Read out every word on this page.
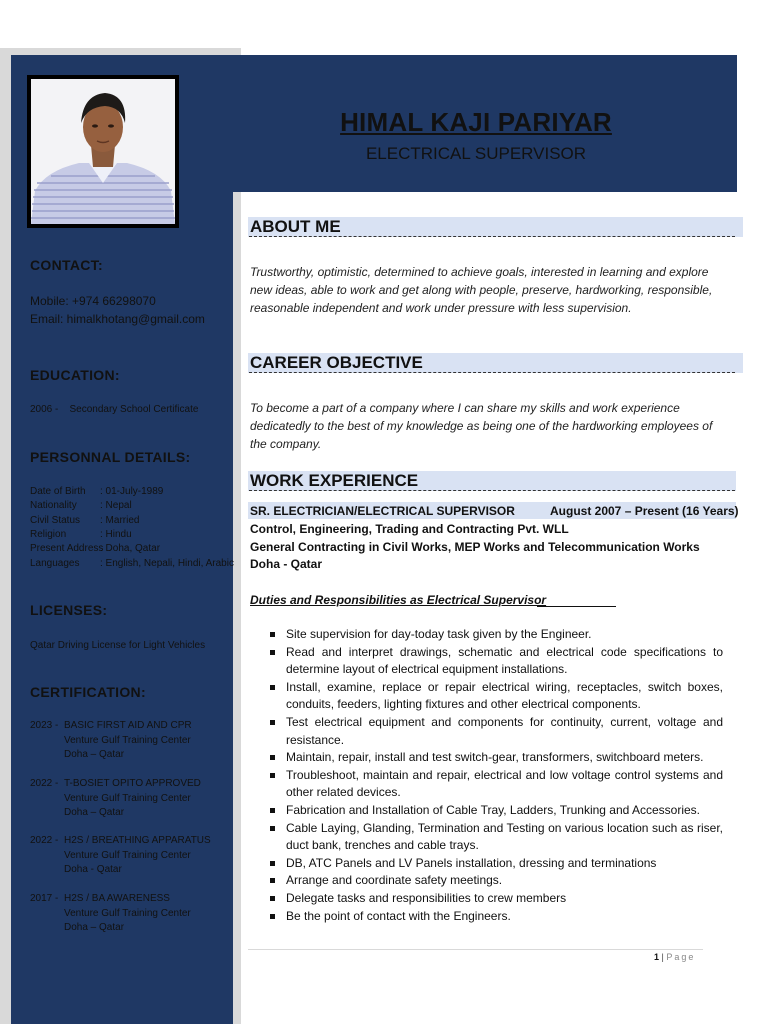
HIMAL KAJI PARIYAR
ELECTRICAL SUPERVISOR
CONTACT:
Mobile: +974 66298070
Email: himalkhotang@gmail.com
EDUCATION:
2006 -    Secondary School Certificate
PERSONNAL DETAILS:
Date of Birth : 01-July-1989
Nationality : Nepal
Civil Status : Married
Religion	: Hindu
Present Address
: Doha, Qatar
Languages : English, Nepali, Hindi, Arabic
LICENSES:
Qatar Driving License for Light Vehicles
CERTIFICATION:
2023 - BASIC FIRST AID AND CPR
Venture Gulf Training Center
Doha – Qatar
2022 - T-BOSIET OPITO APPROVED
Venture Gulf Training Center
Doha – Qatar
2022 - H2S / BREATHING APPARATUS
Venture Gulf Training Center
Doha - Qatar
2017 - H2S / BA AWARENESS
Venture Gulf Training Center
Doha – Qatar
ABOUT ME
Trustworthy, optimistic, determined to achieve goals, interested in learning and explore new ideas, able to work and get along with people, preserve, hardworking, responsible, reasonable independent and work under pressure with less supervision.
CAREER OBJECTIVE
To become a part of a company where I can share my skills and work experience dedicatedly to the best of my knowledge as being one of the hardworking employees of the company.
WORK EXPERIENCE
SR. ELECTRICIAN/ELECTRICAL SUPERVISOR	August 2007 – Present (16 Years)
Control, Engineering, Trading and Contracting Pvt. WLL
General Contracting in Civil Works, MEP Works and Telecommunication Works
Doha - Qatar
Duties and Responsibilities as Electrical Supervisor
Site supervision for day-today task given by the Engineer.
Read and interpret drawings, schematic and electrical code specifications to determine layout of electrical equipment installations.
Install, examine, replace or repair electrical wiring, receptacles, switch boxes, conduits, feeders, lighting fixtures and other electrical components.
Test electrical equipment and components for continuity, current, voltage and resistance.
Maintain, repair, install and test switch-gear, transformers, switchboard meters.
Troubleshoot, maintain and repair, electrical and low voltage control systems and other related devices.
Fabrication and Installation of Cable Tray, Ladders, Trunking and Accessories.
Cable Laying, Glanding, Termination and Testing on various location such as riser, duct bank, trenches and cable trays.
DB, ATC Panels and LV Panels installation, dressing and terminations
Arrange and coordinate safety meetings.
Delegate tasks and responsibilities to crew members
Be the point of contact with the Engineers.
1 | Page
